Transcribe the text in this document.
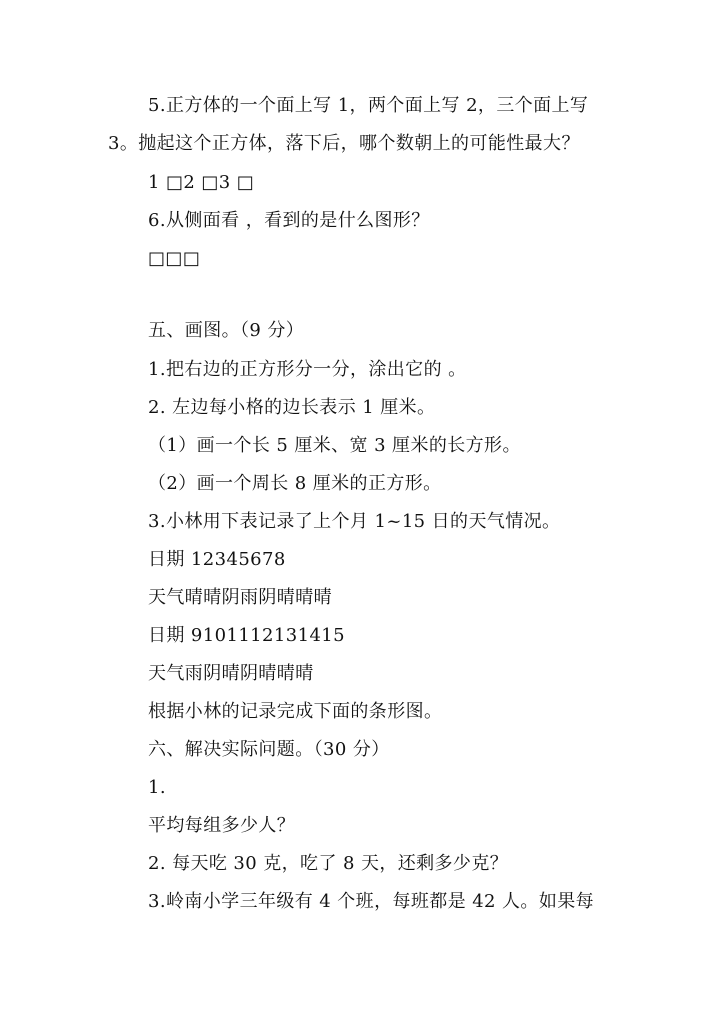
5.正方体的一个面上写 1，两个面上写 2，三个面上写
3。抛起这个正方体，落下后，哪个数朝上的可能性最大？
1 □2 □3 □
6.从侧面看 ，看到的是什么图形？
□□□
五、画图。（9 分）
1.把右边的正方形分一分，涂出它的 。
2. 左边每小格的边长表示 1 厘米。
（1）画一个长 5 厘米、宽 3 厘米的长方形。
（2）画一个周长 8 厘米的正方形。
3.小林用下表记录了上个月 1~15 日的天气情况。
日期 12345678
天气晴晴阴雨阴晴晴晴
日期 9101112131415
天气雨阴晴阴晴晴晴
根据小林的记录完成下面的条形图。
六、解决实际问题。（30 分）
1.
平均每组多少人？
2. 每天吃 30 克，吃了 8 天，还剩多少克？
3.岭南小学三年级有 4 个班，每班都是 42 人。如果每
